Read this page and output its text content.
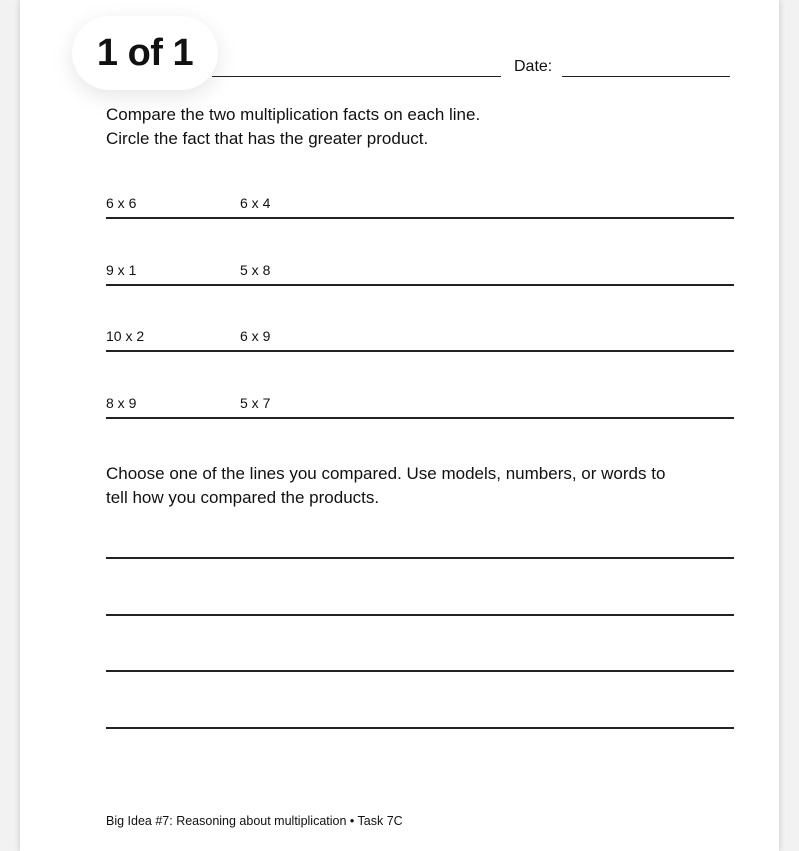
1 of 1	Date:
Compare the two multiplication facts on each line.
Circle the fact that has the greater product.
6 x 6	6 x 4
9 x 1	5 x 8
10 x 2	6 x 9
8 x 9	5 x 7
Choose one of the lines you compared. Use models, numbers, or words to
tell how you compared the products.
Big Idea #7: Reasoning about multiplication • Task 7C
